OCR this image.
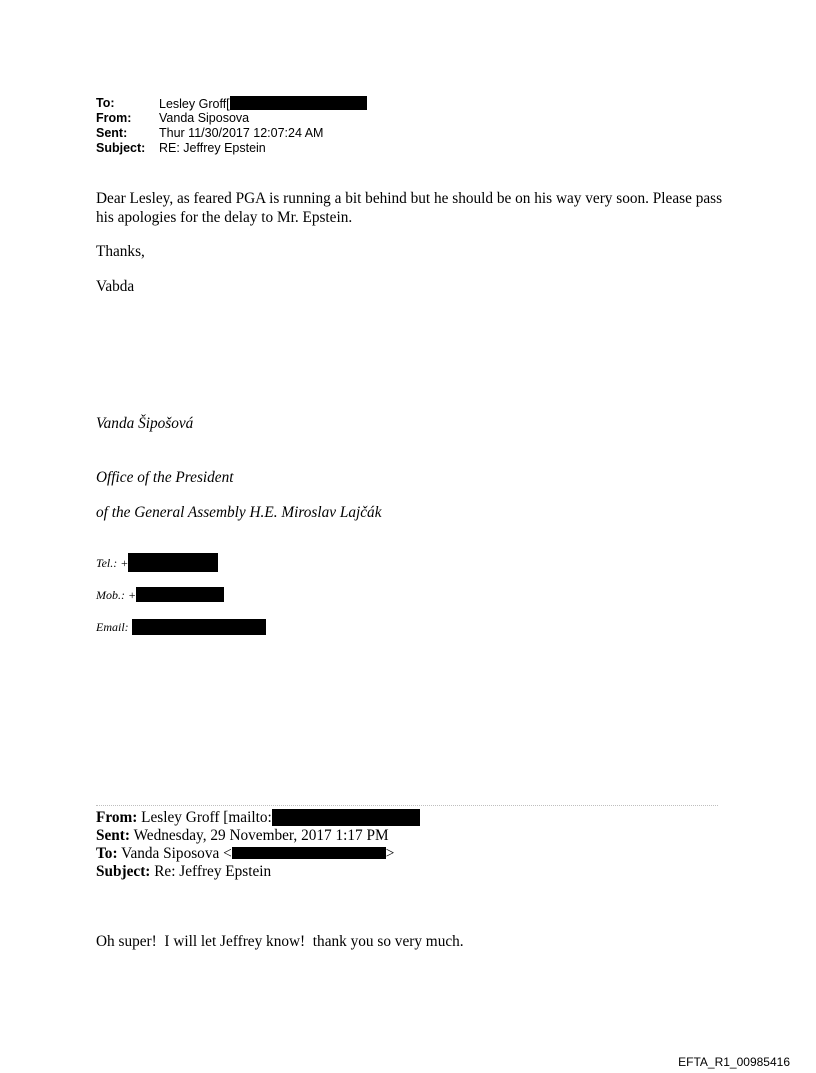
To:	Lesley Groff[
From:	Vanda Siposova
Sent:	Thur 11/30/2017 12:07:24 AM
Subject:	RE: Jeffrey Epstein
Dear Lesley, as feared PGA is running a bit behind but he should be on his way very soon. Please pass his apologies for the delay to Mr. Epstein.
Thanks,
Vabda
Vanda Šipošová
Office of the President
of the General Assembly H.E. Miroslav Lajčák
Tel.: +
Mob.: +
Email:
From: Lesley Groff [mailto:
Sent: Wednesday, 29 November, 2017 1:17 PM
To: Vanda Siposova <	>
Subject: Re: Jeffrey Epstein
Oh super!  I will let Jeffrey know!  thank you so very much.
EFTA_R1_00985416
